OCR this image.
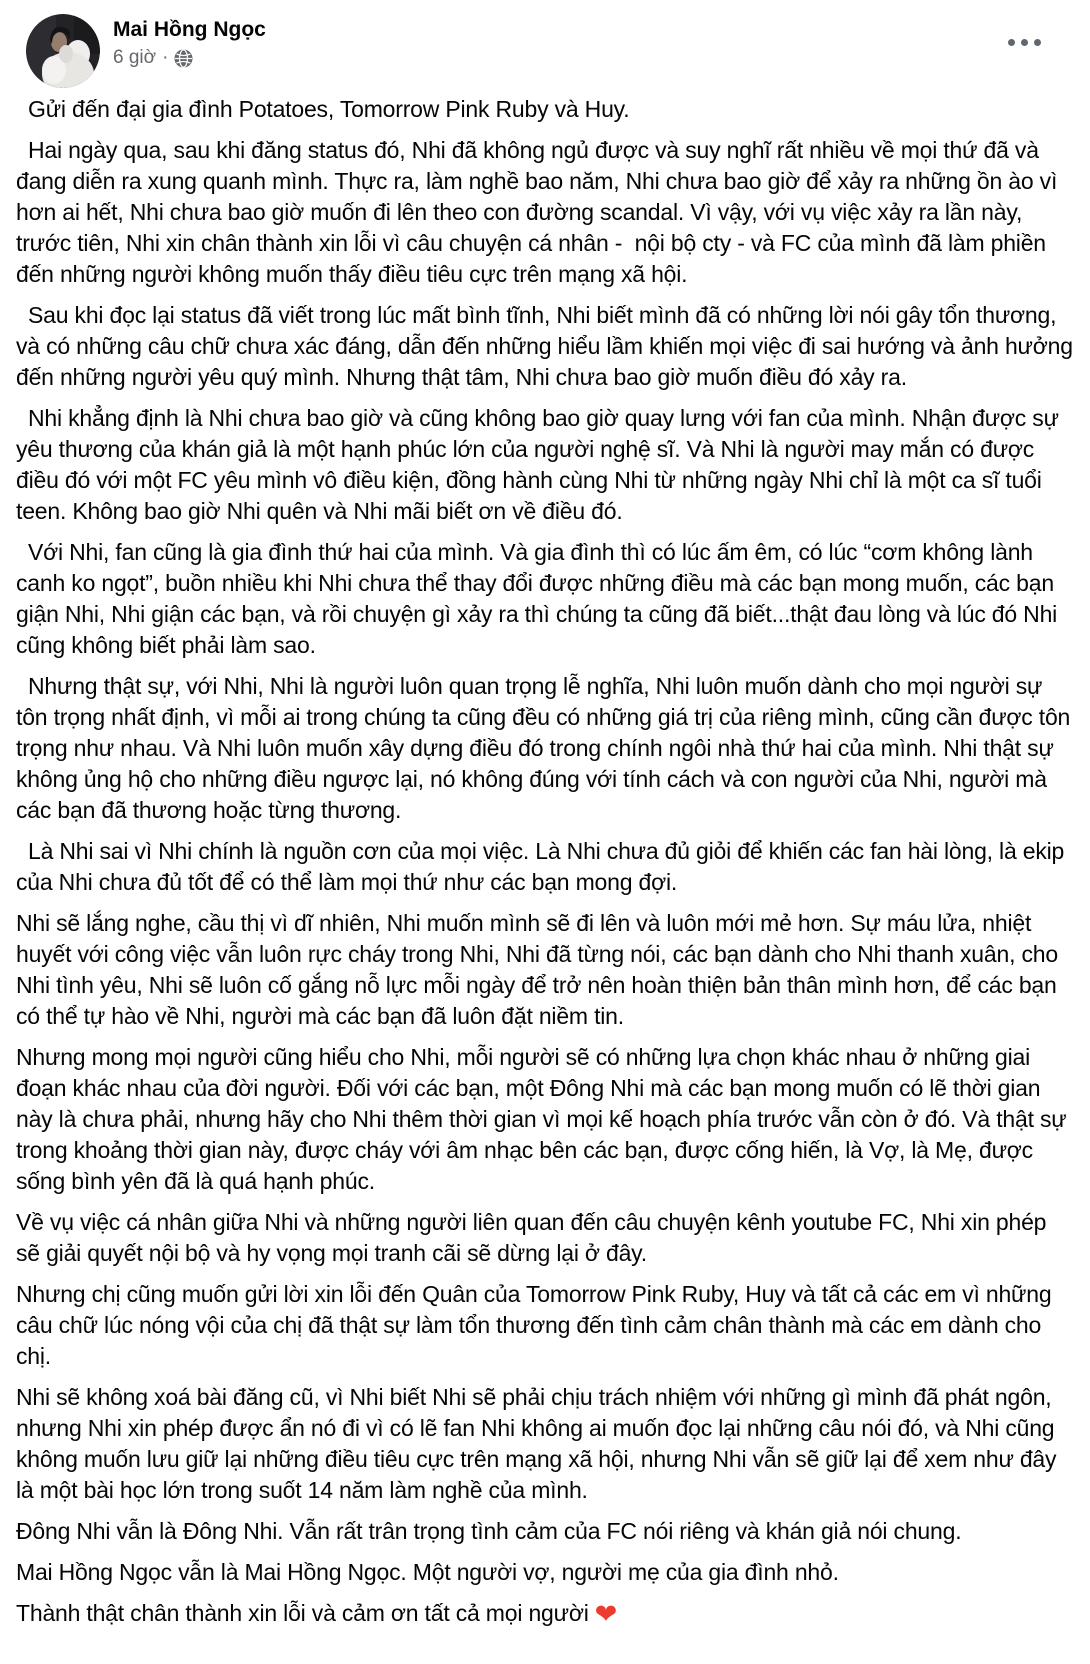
Mai Hồng Ngọc
6 giờ ·
Gửi đến đại gia đình Potatoes, Tomorrow Pink Ruby và Huy.
Hai ngày qua, sau khi đăng status đó, Nhi đã không ngủ được và suy nghĩ rất nhiều về mọi thứ đã và đang diễn ra xung quanh mình. Thực ra, làm nghề bao năm, Nhi chưa bao giờ để xảy ra những ồn ào vì hơn ai hết, Nhi chưa bao giờ muốn đi lên theo con đường scandal. Vì vậy, với vụ việc xảy ra lần này, trước tiên, Nhi xin chân thành xin lỗi vì câu chuyện cá nhân -  nội bộ cty - và FC của mình đã làm phiền đến những người không muốn thấy điều tiêu cực trên mạng xã hội.
Sau khi đọc lại status đã viết trong lúc mất bình tĩnh, Nhi biết mình đã có những lời nói gây tổn thương, và có những câu chữ chưa xác đáng, dẫn đến những hiểu lầm khiến mọi việc đi sai hướng và ảnh hưởng đến những người yêu quý mình. Nhưng thật tâm, Nhi chưa bao giờ muốn điều đó xảy ra.
Nhi khẳng định là Nhi chưa bao giờ và cũng không bao giờ quay lưng với fan của mình. Nhận được sự yêu thương của khán giả là một hạnh phúc lớn của người nghệ sĩ. Và Nhi là người may mắn có được điều đó với một FC yêu mình vô điều kiện, đồng hành cùng Nhi từ những ngày Nhi chỉ là một ca sĩ tuổi teen. Không bao giờ Nhi quên và Nhi mãi biết ơn về điều đó.
Với Nhi, fan cũng là gia đình thứ hai của mình. Và gia đình thì có lúc ấm êm, có lúc “cơm không lành canh ko ngọt”, buồn nhiều khi Nhi chưa thể thay đổi được những điều mà các bạn mong muốn, các bạn giận Nhi, Nhi giận các bạn, và rồi chuyện gì xảy ra thì chúng ta cũng đã biết...thật đau lòng và lúc đó Nhi cũng không biết phải làm sao.
Nhưng thật sự, với Nhi, Nhi là người luôn quan trọng lễ nghĩa, Nhi luôn muốn dành cho mọi người sự tôn trọng nhất định, vì mỗi ai trong chúng ta cũng đều có những giá trị của riêng mình, cũng cần được tôn trọng như nhau. Và Nhi luôn muốn xây dựng điều đó trong chính ngôi nhà thứ hai của mình. Nhi thật sự không ủng hộ cho những điều ngược lại, nó không đúng với tính cách và con người của Nhi, người mà các bạn đã thương hoặc từng thương.
Là Nhi sai vì Nhi chính là nguồn cơn của mọi việc. Là Nhi chưa đủ giỏi để khiến các fan hài lòng, là ekip của Nhi chưa đủ tốt để có thể làm mọi thứ như các bạn mong đợi.
Nhi sẽ lắng nghe, cầu thị vì dĩ nhiên, Nhi muốn mình sẽ đi lên và luôn mới mẻ hơn. Sự máu lửa, nhiệt huyết với công việc vẫn luôn rực cháy trong Nhi, Nhi đã từng nói, các bạn dành cho Nhi thanh xuân, cho Nhi tình yêu, Nhi sẽ luôn cố gắng nỗ lực mỗi ngày để trở nên hoàn thiện bản thân mình hơn, để các bạn có thể tự hào về Nhi, người mà các bạn đã luôn đặt niềm tin.
Nhưng mong mọi người cũng hiểu cho Nhi, mỗi người sẽ có những lựa chọn khác nhau ở những giai đoạn khác nhau của đời người. Đối với các bạn, một Đông Nhi mà các bạn mong muốn có lẽ thời gian này là chưa phải, nhưng hãy cho Nhi thêm thời gian vì mọi kế hoạch phía trước vẫn còn ở đó. Và thật sự trong khoảng thời gian này, được cháy với âm nhạc bên các bạn, được cống hiến, là Vợ, là Mẹ, được sống bình yên đã là quá hạnh phúc.
Về vụ việc cá nhân giữa Nhi và những người liên quan đến câu chuyện kênh youtube FC, Nhi xin phép sẽ giải quyết nội bộ và hy vọng mọi tranh cãi sẽ dừng lại ở đây.
Nhưng chị cũng muốn gửi lời xin lỗi đến Quân của Tomorrow Pink Ruby, Huy và tất cả các em vì những câu chữ lúc nóng vội của chị đã thật sự làm tổn thương đến tình cảm chân thành mà các em dành cho chị.
Nhi sẽ không xoá bài đăng cũ, vì Nhi biết Nhi sẽ phải chịu trách nhiệm với những gì mình đã phát ngôn, nhưng Nhi xin phép được ẩn nó đi vì có lẽ fan Nhi không ai muốn đọc lại những câu nói đó, và Nhi cũng không muốn lưu giữ lại những điều tiêu cực trên mạng xã hội, nhưng Nhi vẫn sẽ giữ lại để xem như đây là một bài học lớn trong suốt 14 năm làm nghề của mình.
Đông Nhi vẫn là Đông Nhi. Vẫn rất trân trọng tình cảm của FC nói riêng và khán giả nói chung.
Mai Hồng Ngọc vẫn là Mai Hồng Ngọc. Một người vợ, người mẹ của gia đình nhỏ.
Thành thật chân thành xin lỗi và cảm ơn tất cả mọi người ❤
